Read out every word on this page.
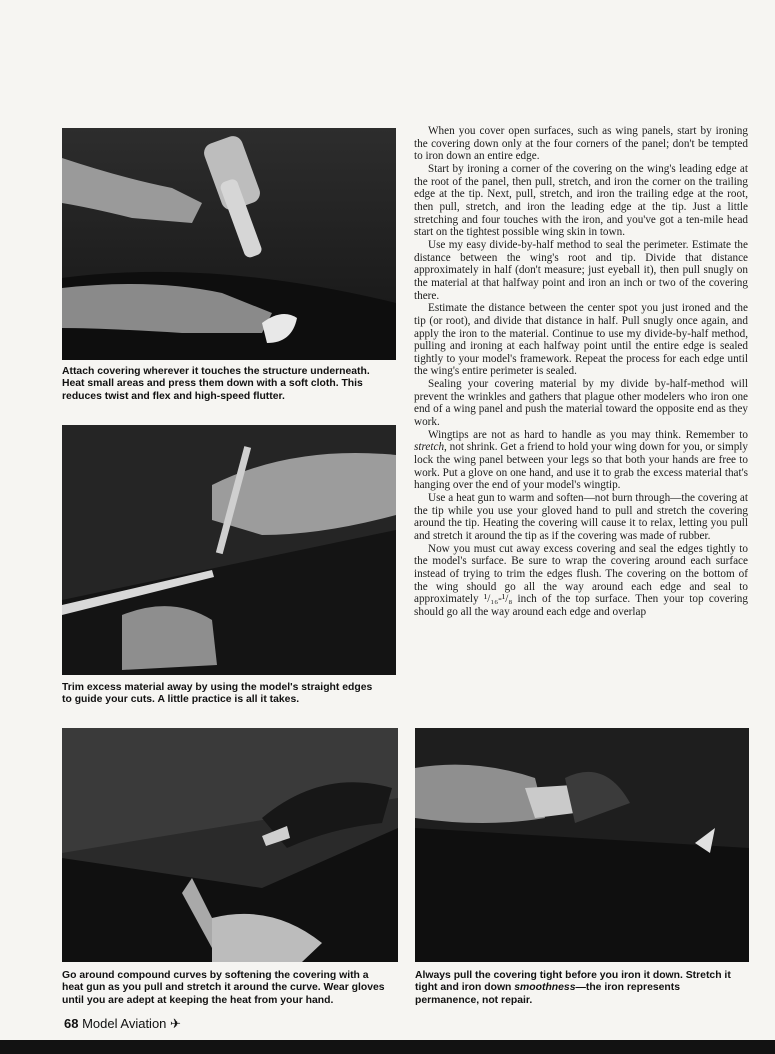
Attach covering wherever it touches the structure underneath.
Heat small areas and press them down with a soft cloth. This
reduces twist and flex and high-speed flutter.
Trim excess material away by using the model's straight edges
to guide your cuts. A little practice is all it takes.
Go around compound curves by softening the covering with a
heat gun as you pull and stretch it around the curve. Wear gloves
until you are adept at keeping the heat from your hand.
Always pull the covering tight before you iron it down. Stretch it
tight and iron down smoothness—the iron represents
permanence, not repair.

When you cover open surfaces, such as wing panels, start by ironing the covering down only at the four corners of the panel; don't be tempted to iron down an entire edge.

Start by ironing a corner of the covering on the wing's leading edge at the root of the panel, then pull, stretch, and iron the corner on the trailing edge at the tip. Next, pull, stretch, and iron the trailing edge at the root, then pull, stretch, and iron the leading edge at the tip. Just a little stretching and four touches with the iron, and you've got a ten-mile head start on the tightest possible wing skin in town.

Use my easy divide-by-half method to seal the perimeter. Estimate the distance between the wing's root and tip. Divide that distance approximately in half (don't measure; just eyeball it), then pull snugly on the material at that halfway point and iron an inch or two of the covering there.

Estimate the distance between the center spot you just ironed and the tip (or root), and divide that distance in half. Pull snugly once again, and apply the iron to the material. Continue to use my divide-by-half method, pulling and ironing at each halfway point until the entire edge is sealed tightly to your model's framework. Repeat the process for each edge until the wing's entire perimeter is sealed.

Sealing your covering material by my divide by-half-method will prevent the wrinkles and gathers that plague other modelers who iron one end of a wing panel and push the material toward the opposite end as they work.

Wingtips are not as hard to handle as you may think. Remember to stretch, not shrink. Get a friend to hold your wing down for you, or simply lock the wing panel between your legs so that both your hands are free to work. Put a glove on one hand, and use it to grab the excess material that's hanging over the end of your model's wingtip.

Use a heat gun to warm and soften—not burn through—the covering at the tip while you use your gloved hand to pull and stretch the covering around the tip. Heating the covering will cause it to relax, letting you pull and stretch it around the tip as if the covering was made of rubber.

Now you must cut away excess covering and seal the edges tightly to the model's surface. Be sure to wrap the covering around each surface instead of trying to trim the edges flush. The covering on the bottom of the wing should go all the way around each edge and seal to approximately ¹/₁₆-¹/₈ inch of the top surface. Then your top covering should go all the way around each edge and overlap

68 Model Aviation ✈
